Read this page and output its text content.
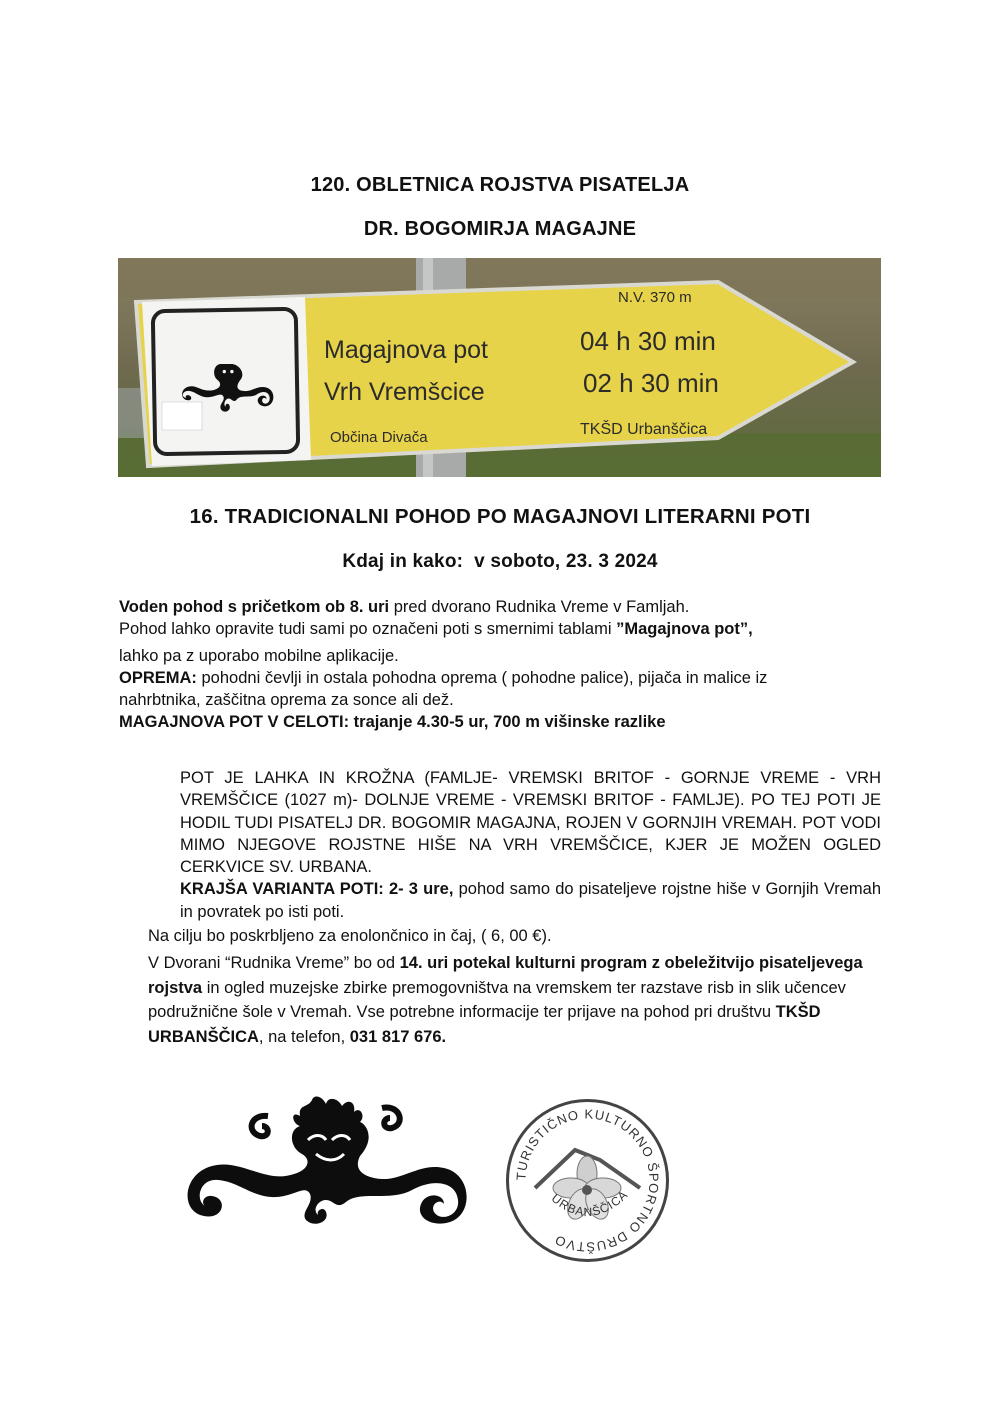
120. OBLETNICA ROJSTVA PISATELJA
DR. BOGOMIRJA MAGAJNE
N.V. 370 m
Magajnova pot
Vrh Vremšcice
04 h 30 min
02 h 30 min
Občina Divača	TKŠD Urbanščica
16. TRADICIONALNI POHOD PO MAGAJNOVI LITERARNI POTI
Kdaj in kako: v soboto, 23. 3 2024

Voden pohod s pričetkom ob 8. uri pred dvorano Rudnika Vreme v Famljah.

Pohod lahko opravite tudi sami po označeni poti s smernimi tablami ”Magajnova pot”,

lahko pa z uporabo mobilne aplikacije.

OPREMA: pohodni čevlji in ostala pohodna oprema ( pohodne palice), pijača in malice iz

nahrbtnika, zaščitna oprema za sonce ali dež.

MAGAJNOVA POT V CELOTI: trajanje 4.30-5 ur, 700 m višinske razlike

POT JE LAHKA IN KROŽNA (FAMLJE- VREMSKI BRITOF - GORNJE VREME - VRH VREMŠČICE (1027 m)- DOLNJE VREME - VREMSKI BRITOF - FAMLJE). PO TEJ POTI JE HODIL TUDI PISATELJ DR. BOGOMIR MAGAJNA, ROJEN V GORNJIH VREMAH. POT VODI MIMO NJEGOVE ROJSTNE HIŠE NA VRH VREMŠČICE, KJER JE MOŽEN OGLED CERKVICE SV. URBANA.

KRAJŠA VARIANTA POTI: 2- 3 ure, pohod samo do pisateljeve rojstne hiše v Gornjih Vremah in povratek po isti poti.

Na cilju bo poskrbljeno za enolončnico in čaj, ( 6, 00 €).

V Dvorani “Rudnika Vreme” bo od 14. uri potekal kulturni program z obeležitvijo pisateljevega rojstva in ogled muzejske zbirke premogovništva na vremskem ter razstave risb in slik učencev podružnične šole v Vremah. Vse potrebne informacije ter prijave na pohod pri društvu TKŠD URBANŠČICA, na telefon, 031 817 676.

TURISTIČNO KULTURNO ŠPORTNO DRUŠTVO
URBANŠČICA
